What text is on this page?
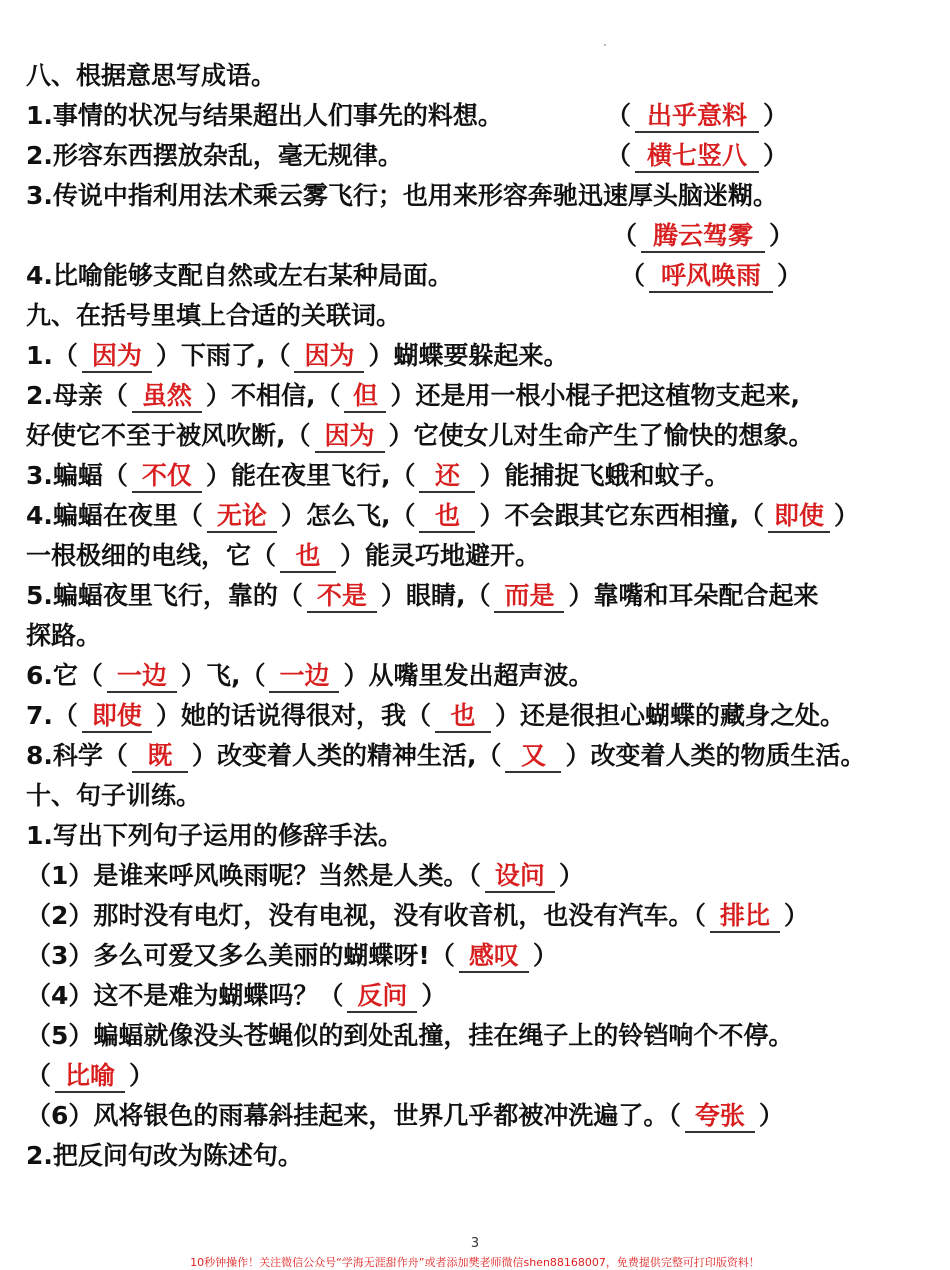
八、根据意思写成语。
1.事情的状况与结果超出人们事先的料想。	（ 出乎意料 ）
2.形容东西摆放杂乱，毫无规律。	（ 横七竖八 ）
3.传说中指利用法术乘云雾飞行；也用来形容奔驰迅速厚头脑迷糊。
（ 腾云驾雾 ）
4.比喻能够支配自然或左右某种局面。	（ 呼风唤雨 ）
九、在括号里填上合适的关联词。
1.（ 因为 ）下雨了,（ 因为 ）蝴蝶要躲起来。
2.母亲（ 虽然 ）不相信,（ 但 ）还是用一根小棍子把这植物支起来,
好使它不至于被风吹断,（ 因为 ）它使女儿对生命产生了愉快的想象。
3.蝙蝠（ 不仅 ）能在夜里飞行,（ 还 ）能捕捉飞蛾和蚊子。
4.蝙蝠在夜里（ 无论 ）怎么飞,（ 也 ）不会跟其它东西相撞,（ 即使 ）
一根极细的电线，它（ 也 ）能灵巧地避开。
5.蝙蝠夜里飞行，靠的（ 不是 ）眼睛,（ 而是 ）靠嘴和耳朵配合起来
探路。
6.它（ 一边 ）飞,（ 一边 ）从嘴里发出超声波。
7.（ 即使 ）她的话说得很对，我（ 也 ）还是很担心蝴蝶的藏身之处。
8.科学（ 既 ）改变着人类的精神生活,（ 又 ）改变着人类的物质生活。
十、句子训练。
1.写出下列句子运用的修辞手法。
（1）是谁来呼风唤雨呢？当然是人类。（ 设问 ）
（2）那时没有电灯，没有电视，没有收音机，也没有汽车。（ 排比 ）
（3）多么可爱又多么美丽的蝴蝶呀!（ 感叹 ）
（4）这不是难为蝴蝶吗？（ 反问 ）
（5）蝙蝠就像没头苍蝇似的到处乱撞，挂在绳子上的铃铛响个不停。
（ 比喻 ）
（6）风将银色的雨幕斜挂起来，世界几乎都被冲洗遍了。（ 夸张 ）
2.把反问句改为陈述句。
3
10秒钟操作！关注微信公众号“学海无涯甜作舟”或者添加樊老师微信shen88168007，免费提供完整可打印版资料！
